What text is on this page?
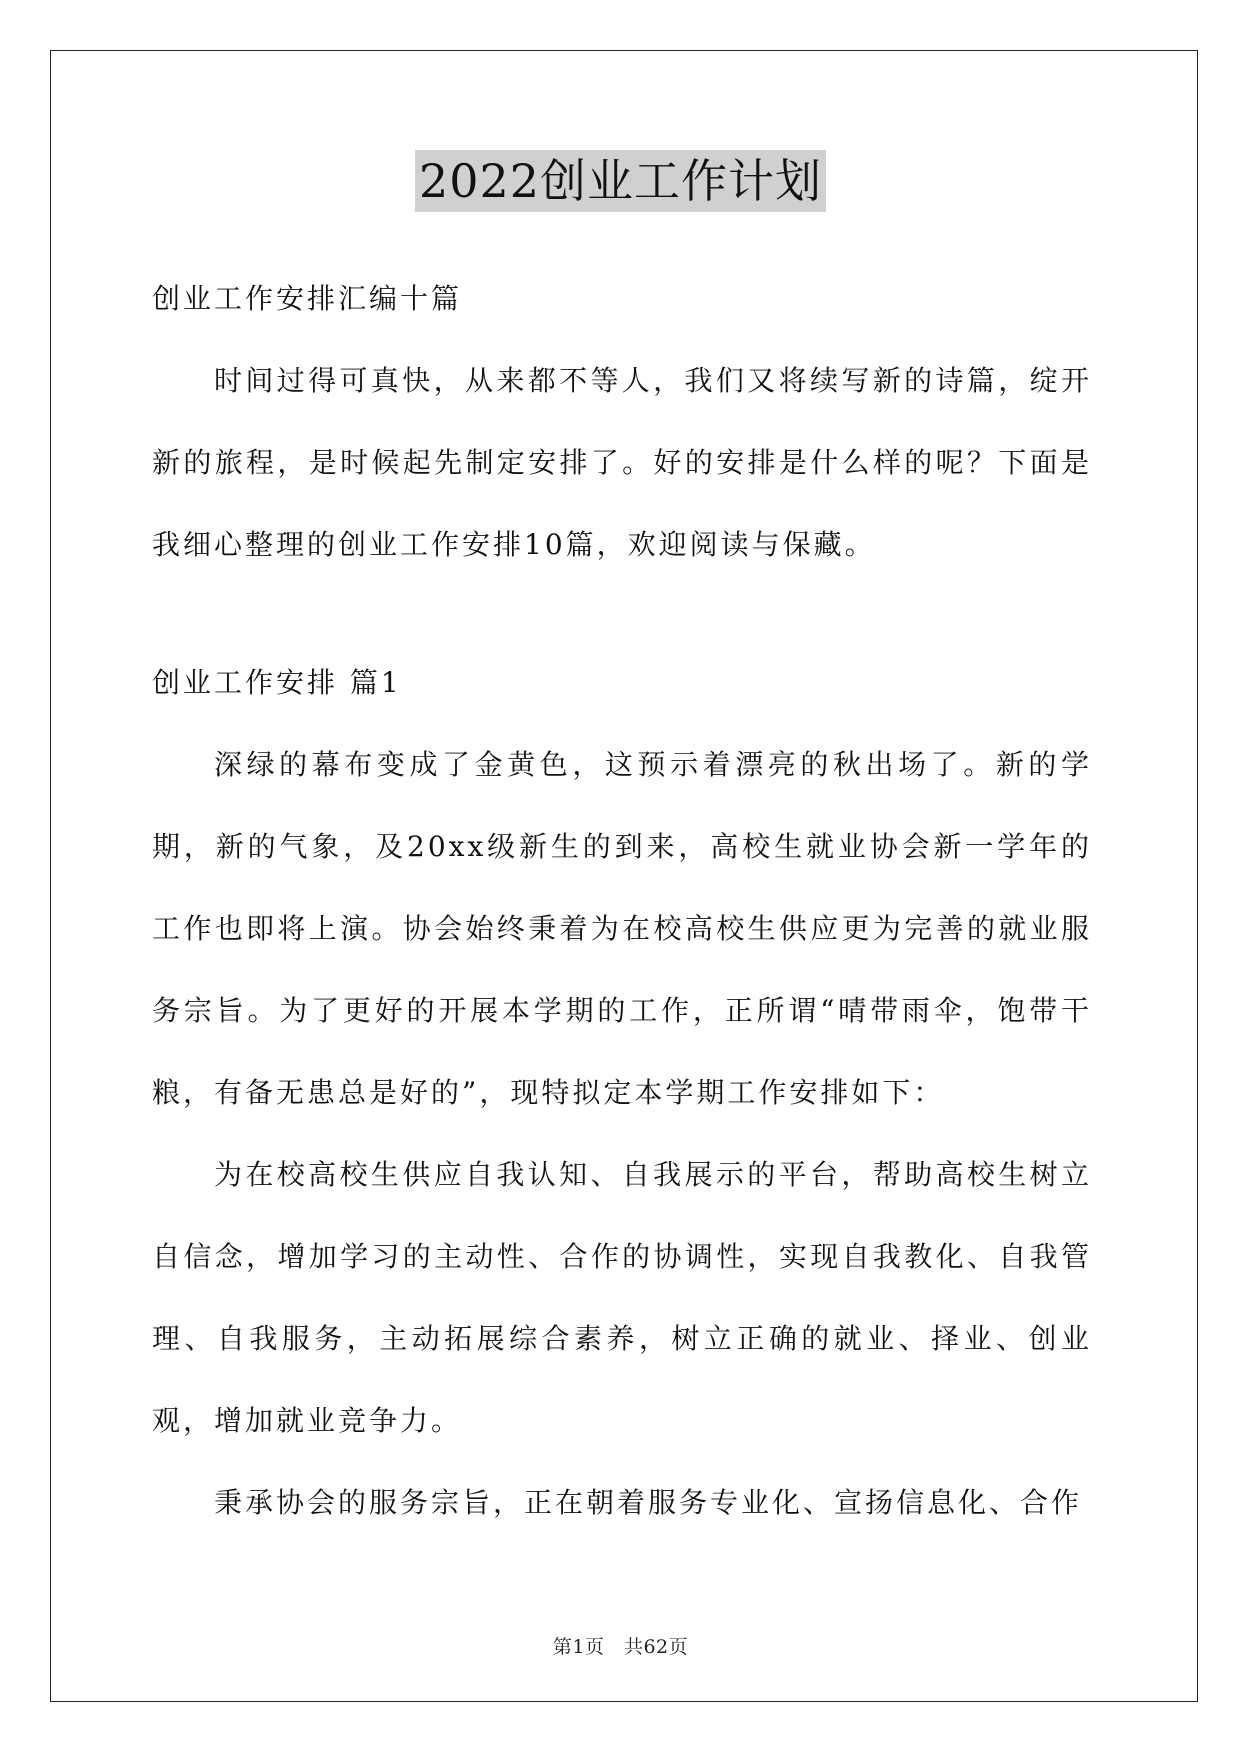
2022创业工作计划

创业工作安排汇编十篇

时间过得可真快，从来都不等人，我们又将续写新的诗篇，绽开新的旅程，是时候起先制定安排了。好的安排是什么样的呢？下面是我细心整理的创业工作安排10篇，欢迎阅读与保藏。

创业工作安排 篇1

深绿的幕布变成了金黄色，这预示着漂亮的秋出场了。新的学期，新的气象，及20xx级新生的到来，高校生就业协会新一学年的工作也即将上演。协会始终秉着为在校高校生供应更为完善的就业服务宗旨。为了更好的开展本学期的工作，正所谓“晴带雨伞，饱带干粮，有备无患总是好的”，现特拟定本学期工作安排如下：

为在校高校生供应自我认知、自我展示的平台，帮助高校生树立自信念，增加学习的主动性、合作的协调性，实现自我教化、自我管理、自我服务，主动拓展综合素养，树立正确的就业、择业、创业观，增加就业竞争力。

秉承协会的服务宗旨，正在朝着服务专业化、宣扬信息化、合作

第1页　共62页
